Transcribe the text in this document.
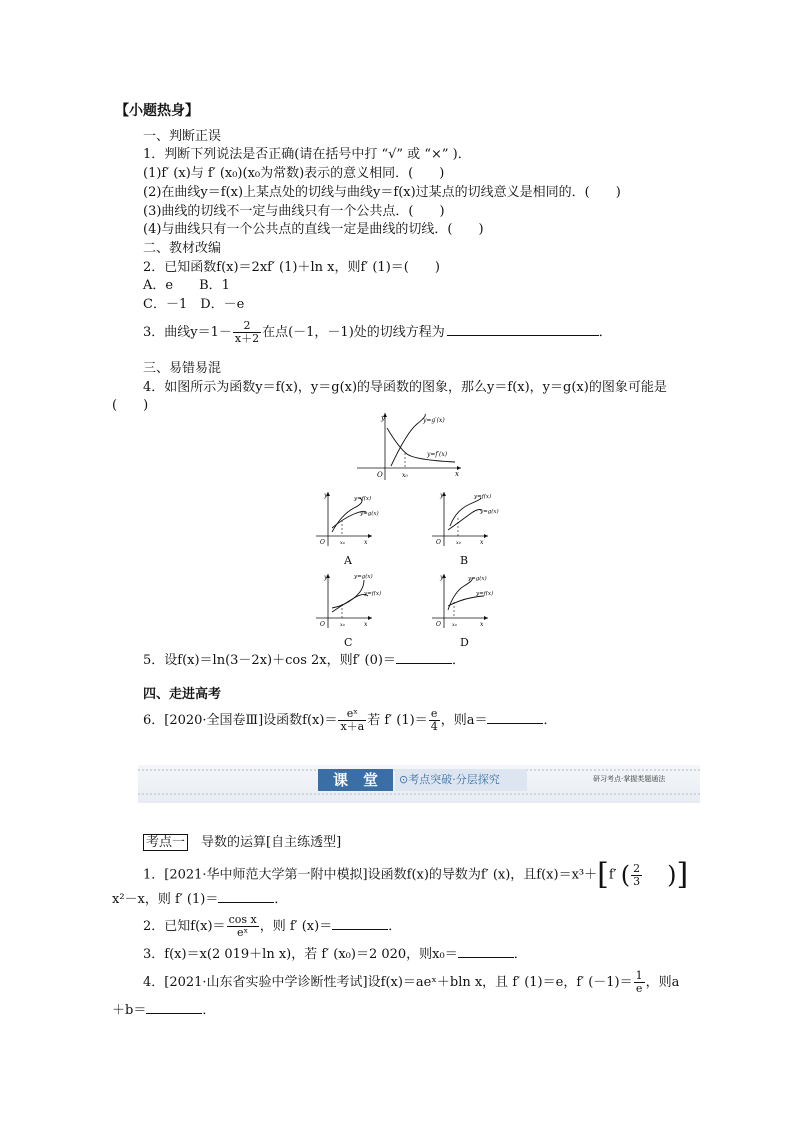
【小题热身】
一、判断正误
1．判断下列说法是否正确(请在括号中打 “√” 或 “×” )．
(1)f′ (x)与 f′ (x₀)(x₀为常数)表示的意义相同．(　　)
(2)在曲线y＝f(x)上某点处的切线与曲线y＝f(x)过某点的切线意义是相同的．(　　)
(3)曲线的切线不一定与曲线只有一个公共点．(　　)
(4)与曲线只有一个公共点的直线一定是曲线的切线．(　　)
二、教材改编
2．已知函数f(x)＝2xf′ (1)＋ln x，则f′ (1)＝(　　)
A．e　　B．1
C．－1　D．－e
3．曲线$y=1- \frac{2}{x+2}$ 在点(－1，－1)处的切线方程为	．
三、易错易混
4．如图所示为函数y＝f(x)，y＝g(x)的导函数的图象，那么y＝f(x)，y＝g(x)的图象可能是
(　　)
y
x
O	x₀
y=g′(x)
y=f′(x)
y
x
O	x₀
y=f(x)
y=g(x)
A
y
x
O	x₀
y=f(x)
y=g(x)
B
y
x
O	x₀
y=g(x)
y=f(x)
C
y
x
O x₀
y=g(x)
y=f(x)
D
5．设f(x)＝ln(3－2x)＋cos 2x，则f′ (0)＝	．
四、走进高考
6．[2020·全国卷Ⅲ]设函数$f(x)= \frac{\text{eˣ}}{x+a}$ 若 f′ $(1)= \frac{e}{4}$ ，则a＝	．
课　堂	⊙考点突破·分层探究	研习考点·掌握类题通法
考点一　导数的运算[自主练透型]
1．[2021·华中师范大学第一附中模拟]设函数f(x)的导数为f′ (x)，且f(x)＝x³＋[f′ ( $\frac{2}{3}$ )]
x²－x，则 f′ (1)＝	．
2．已知$f(x)= \frac{\text{cos x}}{\text{eˣ}}$ ，则 f′ (x)＝	．
3．f(x)＝x(2 019＋ln x)，若 f′ (x₀)＝2 020，则x₀＝	．
4．[2021·山东省实验中学诊断性考试]设f(x)＝aeˣ＋bln x，且 f′ (1)＝e，f′ $(-1)= \frac{1}{e}$ ，则a
＋b＝	．
